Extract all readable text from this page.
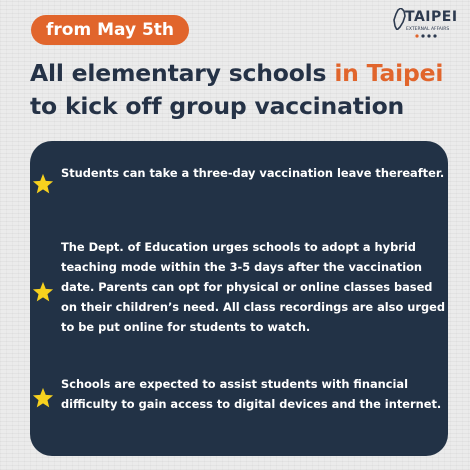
from May 5th
TAIPEI
EXTERNAL AFFAIRS
All elementary schools in Taipei to kick off group vaccination
Students can take a three-day vaccination leave thereafter.
The Dept. of Education urges schools to adopt a hybrid teaching mode within the 3-5 days after the vaccination date. Parents can opt for physical or online classes based on their children’s need. All class recordings are also urged to be put online for students to watch.
Schools are expected to assist students with financial difficulty to gain access to digital devices and the internet.
